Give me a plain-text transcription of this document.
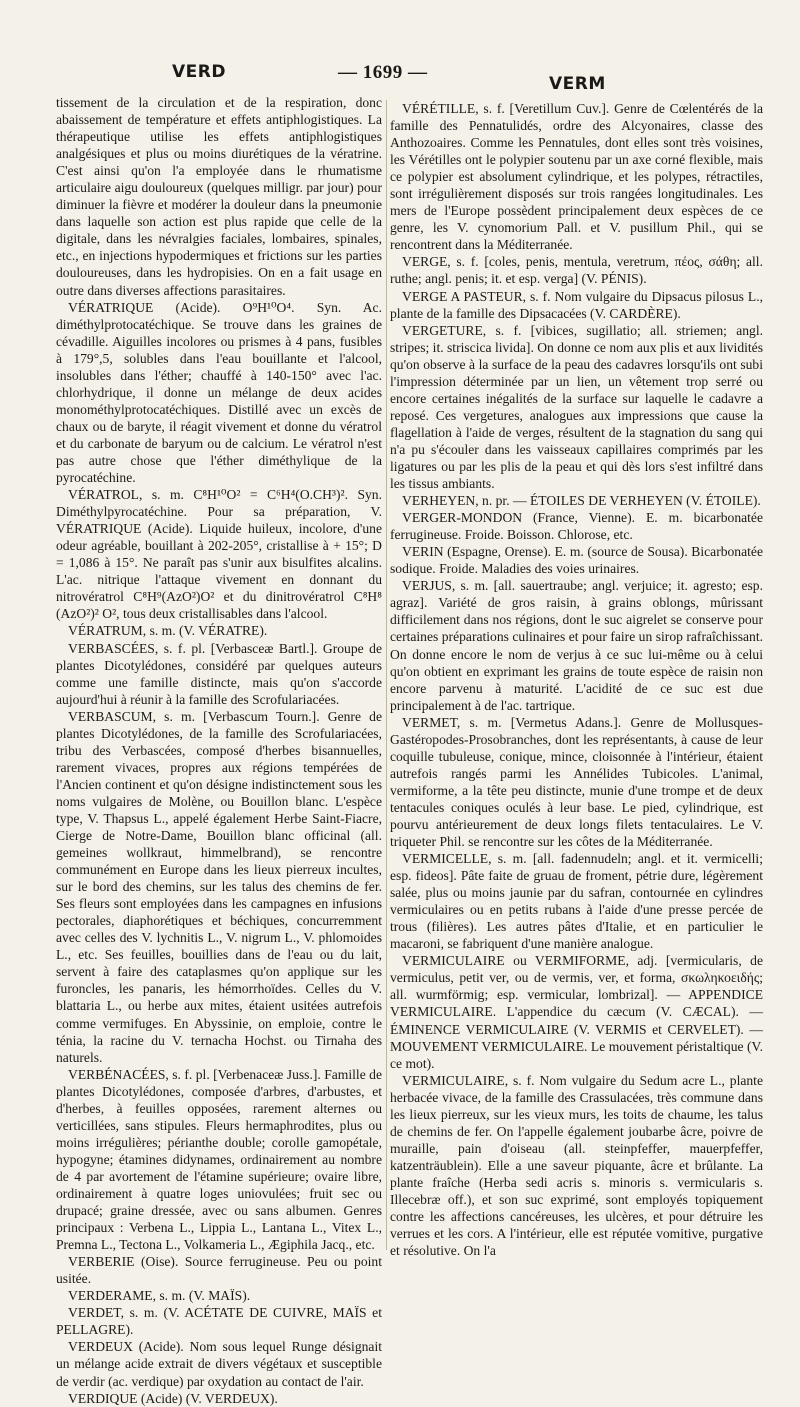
VERD	— 1699 —
VERM

tissement de la circulation et de la respiration, donc abaissement de température et effets antiphlogistiques. La thérapeutique utilise les effets antiphlogistiques analgésiques et plus ou moins diurétiques de la vératrine. C'est ainsi qu'on l'a employée dans le rhumatisme articulaire aigu douloureux (quelques milligr. par jour) pour diminuer la fièvre et modérer la douleur dans la pneumonie dans laquelle son action est plus rapide que celle de la digitale, dans les névralgies faciales, lombaires, spinales, etc., en injections hypodermiques et frictions sur les parties douloureuses, dans les hydropisies. On en a fait usage en outre dans diverses affections parasitaires.

VÉRATRIQUE (Acide). O⁹H¹⁰O⁴. Syn. Ac. diméthylprotocatéchique. Se trouve dans les graines de cévadille. Aiguilles incolores ou prismes à 4 pans, fusibles à 179°,5, solubles dans l'eau bouillante et l'alcool, insolubles dans l'éther; chauffé à 140-150° avec l'ac. chlorhydrique, il donne un mélange de deux acides monométhylprotocatéchiques. Distillé avec un excès de chaux ou de baryte, il réagit vivement et donne du vératrol et du carbonate de baryum ou de calcium. Le vératrol n'est pas autre chose que l'éther diméthylique de la pyrocatéchine.

VÉRATROL, s. m. C⁸H¹⁰O² = C⁶H⁴(O.CH³)². Syn. Diméthylpyrocatéchine. Pour sa préparation, V. VÉRATRIQUE (Acide). Liquide huileux, incolore, d'une odeur agréable, bouillant à 202-205°, cristallise à + 15°; D = 1,086 à 15°. Ne paraît pas s'unir aux bisulfites alcalins. L'ac. nitrique l'attaque vivement en donnant du nitrovératrol C⁸H⁹(AzO²)O² et du dinitrovératrol C⁸H⁸ (AzO²)² O², tous deux cristallisables dans l'alcool.

VÉRATRUM, s. m. (V. VÉRATRE).

VERBASCÉES, s. f. pl. [Verbasceæ Bartl.]. Groupe de plantes Dicotylédones, considéré par quelques auteurs comme une famille distincte, mais qu'on s'accorde aujourd'hui à réunir à la famille des Scrofulariacées.

VERBASCUM, s. m. [Verbascum Tourn.]. Genre de plantes Dicotylédones, de la famille des Scrofulariacées, tribu des Verbascées, composé d'herbes bisannuelles, rarement vivaces, propres aux régions tempérées de l'Ancien continent et qu'on désigne indistinctement sous les noms vulgaires de Molène, ou Bouillon blanc. L'espèce type, V. Thapsus L., appelé également Herbe Saint-Fiacre, Cierge de Notre-Dame, Bouillon blanc officinal (all. gemeines wollkraut, himmelbrand), se rencontre communément en Europe dans les lieux pierreux incultes, sur le bord des chemins, sur les talus des chemins de fer. Ses fleurs sont employées dans les campagnes en infusions pectorales, diaphorétiques et béchiques, concurremment avec celles des V. lychnitis L., V. nigrum L., V. phlomoides L., etc. Ses feuilles, bouillies dans de l'eau ou du lait, servent à faire des cataplasmes qu'on applique sur les furoncles, les panaris, les hémorrhoïdes. Celles du V. blattaria L., ou herbe aux mites, étaient usitées autrefois comme vermifuges. En Abyssinie, on emploie, contre le ténia, la racine du V. ternacha Hochst. ou Tirnaha des naturels.

VERBÉNACÉES, s. f. pl. [Verbenaceæ Juss.]. Famille de plantes Dicotylédones, composée d'arbres, d'arbustes, et d'herbes, à feuilles opposées, rarement alternes ou verticillées, sans stipules. Fleurs hermaphrodites, plus ou moins irrégulières; périanthe double; corolle gamopétale, hypogyne; étamines didynames, ordinairement au nombre de 4 par avortement de l'étamine supérieure; ovaire libre, ordinairement à quatre loges uniovulées; fruit sec ou drupacé; graine dressée, avec ou sans albumen. Genres principaux : Verbena L., Lippia L., Lantana L., Vitex L., Premna L., Tectona L., Volkameria L., Ægiphila Jacq., etc.

VERBERIE (Oise). Source ferrugineuse. Peu ou point usitée.

VERDERAME, s. m. (V. MAÏS).

VERDET, s. m. (V. ACÉTATE DE CUIVRE, MAÏS et PELLAGRE).

VERDEUX (Acide). Nom sous lequel Runge désignait un mélange acide extrait de divers végétaux et susceptible de verdir (ac. verdique) par oxydation au contact de l'air.

VERDIQUE (Acide) (V. VERDEUX).

VÉRÉTILLE, s. f. [Veretillum Cuv.]. Genre de Cœlentérés de la famille des Pennatulidés, ordre des Alcyonaires, classe des Anthozoaires. Comme les Pennatules, dont elles sont très voisines, les Vérétilles ont le polypier soutenu par un axe corné flexible, mais ce polypier est absolument cylindrique, et les polypes, rétractiles, sont irrégulièrement disposés sur trois rangées longitudinales. Les mers de l'Europe possèdent principalement deux espèces de ce genre, les V. cynomorium Pall. et V. pusillum Phil., qui se rencontrent dans la Méditerranée.

VERGE, s. f. [coles, penis, mentula, veretrum, πέος, σάθη; all. ruthe; angl. penis; it. et esp. verga] (V. PÉNIS).

VERGE A PASTEUR, s. f. Nom vulgaire du Dipsacus pilosus L., plante de la famille des Dipsacacées (V. CARDÈRE).

VERGETURE, s. f. [vibices, sugillatio; all. striemen; angl. stripes; it. striscica livida]. On donne ce nom aux plis et aux lividités qu'on observe à la surface de la peau des cadavres lorsqu'ils ont subi l'impression déterminée par un lien, un vêtement trop serré ou encore certaines inégalités de la surface sur laquelle le cadavre a reposé. Ces vergetures, analogues aux impressions que cause la flagellation à l'aide de verges, résultent de la stagnation du sang qui n'a pu s'écouler dans les vaisseaux capillaires comprimés par les ligatures ou par les plis de la peau et qui dès lors s'est infiltré dans les tissus ambiants.

VERHEYEN, n. pr. — ÉTOILES DE VERHEYEN (V. ÉTOILE).

VERGER-MONDON (France, Vienne). E. m. bicarbonatée ferrugineuse. Froide. Boisson. Chlorose, etc.

VERIN (Espagne, Orense). E. m. (source de Sousa). Bicarbonatée sodique. Froide. Maladies des voies urinaires.

VERJUS, s. m. [all. sauertraube; angl. verjuice; it. agresto; esp. agraz]. Variété de gros raisin, à grains oblongs, mûrissant difficilement dans nos régions, dont le suc aigrelet se conserve pour certaines préparations culinaires et pour faire un sirop rafraîchissant. On donne encore le nom de verjus à ce suc lui-même ou à celui qu'on obtient en exprimant les grains de toute espèce de raisin non encore parvenu à maturité. L'acidité de ce suc est due principalement à de l'ac. tartrique.

VERMET, s. m. [Vermetus Adans.]. Genre de Mollusques-Gastéropodes-Prosobranches, dont les représentants, à cause de leur coquille tubuleuse, conique, mince, cloisonnée à l'intérieur, étaient autrefois rangés parmi les Annélides Tubicoles. L'animal, vermiforme, a la tête peu distincte, munie d'une trompe et de deux tentacules coniques oculés à leur base. Le pied, cylindrique, est pourvu antérieurement de deux longs filets tentaculaires. Le V. triqueter Phil. se rencontre sur les côtes de la Méditerranée.

VERMICELLE, s. m. [all. fadennudeln; angl. et it. vermicelli; esp. fideos]. Pâte faite de gruau de froment, pétrie dure, légèrement salée, plus ou moins jaunie par du safran, contournée en cylindres vermiculaires ou en petits rubans à l'aide d'une presse percée de trous (filières). Les autres pâtes d'Italie, et en particulier le macaroni, se fabriquent d'une manière analogue.

VERMICULAIRE ou VERMIFORME, adj. [vermicularis, de vermiculus, petit ver, ou de vermis, ver, et forma, σκωληκοειδής; all. wurmförmig; esp. vermicular, lombrizal]. — APPENDICE VERMICULAIRE. L'appendice du cæcum (V. CÆCAL). — ÉMINENCE VERMICULAIRE (V. VERMIS et CERVELET). — MOUVEMENT VERMICULAIRE. Le mouvement péristaltique (V. ce mot).

VERMICULAIRE, s. f. Nom vulgaire du Sedum acre L., plante herbacée vivace, de la famille des Crassulacées, très commune dans les lieux pierreux, sur les vieux murs, les toits de chaume, les talus de chemins de fer. On l'appelle également joubarbe âcre, poivre de muraille, pain d'oiseau (all. steinpfeffer, mauerpfeffer, katzenträublein). Elle a une saveur piquante, âcre et brûlante. La plante fraîche (Herba sedi acris s. minoris s. vermicularis s. Illecebræ off.), et son suc exprimé, sont employés topiquement contre les affections cancéreuses, les ulcères, et pour détruire les verrues et les cors. A l'intérieur, elle est réputée vomitive, purgative et résolutive. On l'a
